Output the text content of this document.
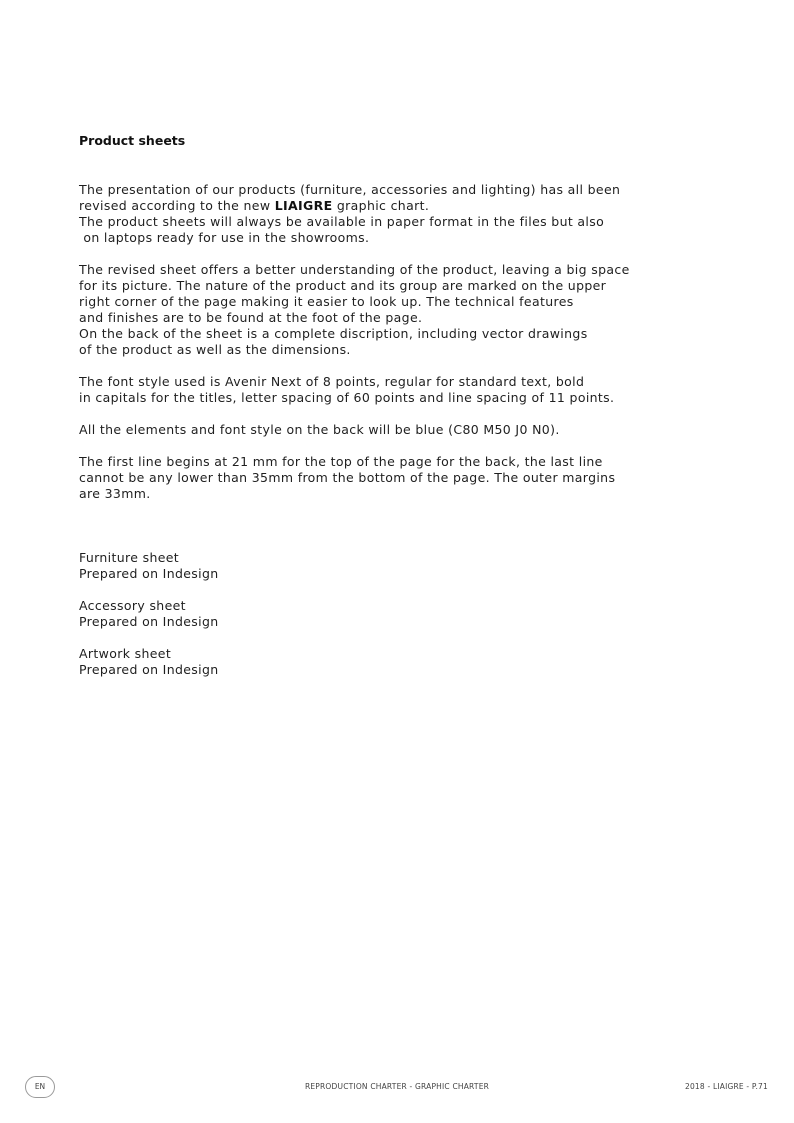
Product sheets
The presentation of our products (furniture, accessories and lighting) has all been
revised according to the new LIAIGRE graphic chart.
The product sheets will always be available in paper format in the files but also
on laptops ready for use in the showrooms.
The revised sheet offers a better understanding of the product, leaving a big space
for its picture. The nature of the product and its group are marked on the upper
right corner of the page making it easier to look up. The technical features
and finishes are to be found at the foot of the page.
On the back of the sheet is a complete discription, including vector drawings
of the product as well as the dimensions.
The font style used is Avenir Next of 8 points, regular for standard text, bold
in capitals for the titles, letter spacing of 60 points and line spacing of 11 points.
All the elements and font style on the back will be blue (C80 M50 J0 N0).
The first line begins at 21 mm for the top of the page for the back, the last line
cannot be any lower than 35mm from the bottom of the page. The outer margins
are 33mm.
Furniture sheet
Prepared on Indesign
Accessory sheet
Prepared on Indesign
Artwork sheet
Prepared on Indesign
EN	REPRODUCTION CHARTER - GRAPHIC CHARTER	2018 - LIAIGRE - P.71
